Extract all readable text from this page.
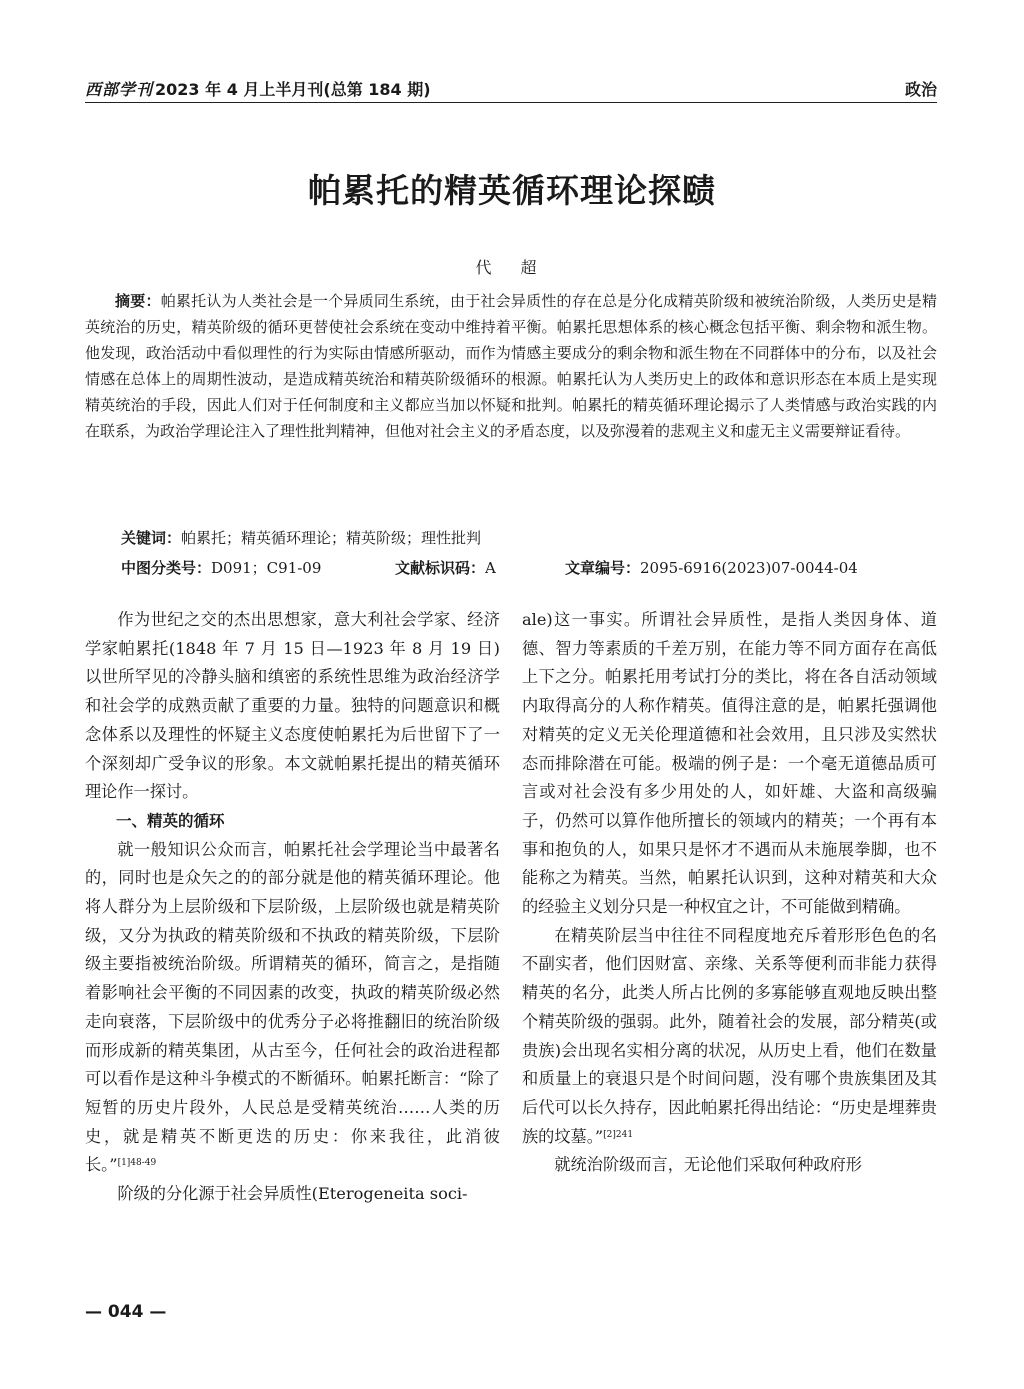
西部学刊 2023 年 4 月上半月刊(总第 184 期)	政治
帕累托的精英循环理论探赜
代 超
摘要：帕累托认为人类社会是一个异质同生系统，由于社会异质性的存在总是分化成精英阶级和被统治阶级，人类历史是精英统治的历史，精英阶级的循环更替使社会系统在变动中维持着平衡。帕累托思想体系的核心概念包括平衡、剩余物和派生物。他发现，政治活动中看似理性的行为实际由情感所驱动，而作为情感主要成分的剩余物和派生物在不同群体中的分布，以及社会情感在总体上的周期性波动，是造成精英统治和精英阶级循环的根源。帕累托认为人类历史上的政体和意识形态在本质上是实现精英统治的手段，因此人们对于任何制度和主义都应当加以怀疑和批判。帕累托的精英循环理论揭示了人类情感与政治实践的内在联系，为政治学理论注入了理性批判精神，但他对社会主义的矛盾态度，以及弥漫着的悲观主义和虚无主义需要辩证看待。
关键词：帕累托；精英循环理论；精英阶级；理性批判
中图分类号：D091；C91-09	文献标识码：A	文章编号：2095-6916(2023)07-0044-04

作为世纪之交的杰出思想家，意大利社会学家、经济学家帕累托(1848 年 7 月 15 日—1923 年 8 月 19 日)以世所罕见的冷静头脑和缜密的系统性思维为政治经济学和社会学的成熟贡献了重要的力量。独特的问题意识和概念体系以及理性的怀疑主义态度使帕累托为后世留下了一个深刻却广受争议的形象。本文就帕累托提出的精英循环理论作一探讨。

一、精英的循环

就一般知识公众而言，帕累托社会学理论当中最著名的，同时也是众矢之的的部分就是他的精英循环理论。他将人群分为上层阶级和下层阶级，上层阶级也就是精英阶级，又分为执政的精英阶级和不执政的精英阶级，下层阶级主要指被统治阶级。所谓精英的循环，简言之，是指随着影响社会平衡的不同因素的改变，执政的精英阶级必然走向衰落，下层阶级中的优秀分子必将推翻旧的统治阶级而形成新的精英集团，从古至今，任何社会的政治进程都可以看作是这种斗争模式的不断循环。帕累托断言：“除了短暂的历史片段外，人民总是受精英统治……人类的历史，就是精英不断更迭的历史：你来我往，此消彼长。”$^{[1]48-49}$

阶级的分化源于社会异质性(Eterogeneita soci-

ale)这一事实。所谓社会异质性，是指人类因身体、道德、智力等素质的千差万别，在能力等不同方面存在高低上下之分。帕累托用考试打分的类比，将在各自活动领域内取得高分的人称作精英。值得注意的是，帕累托强调他对精英的定义无关伦理道德和社会效用，且只涉及实然状态而排除潜在可能。极端的例子是：一个毫无道德品质可言或对社会没有多少用处的人，如奸雄、大盗和高级骗子，仍然可以算作他所擅长的领域内的精英；一个再有本事和抱负的人，如果只是怀才不遇而从未施展拳脚，也不能称之为精英。当然，帕累托认识到，这种对精英和大众的经验主义划分只是一种权宜之计，不可能做到精确。

在精英阶层当中往往不同程度地充斥着形形色色的名不副实者，他们因财富、亲缘、关系等便利而非能力获得精英的名分，此类人所占比例的多寡能够直观地反映出整个精英阶级的强弱。此外，随着社会的发展，部分精英(或贵族)会出现名实相分离的状况，从历史上看，他们在数量和质量上的衰退只是个时间问题，没有哪个贵族集团及其后代可以长久持存，因此帕累托得出结论：“历史是埋葬贵族的坟墓。”$^{[2]241}$

就统治阶级而言，无论他们采取何种政府形

— 044 —
